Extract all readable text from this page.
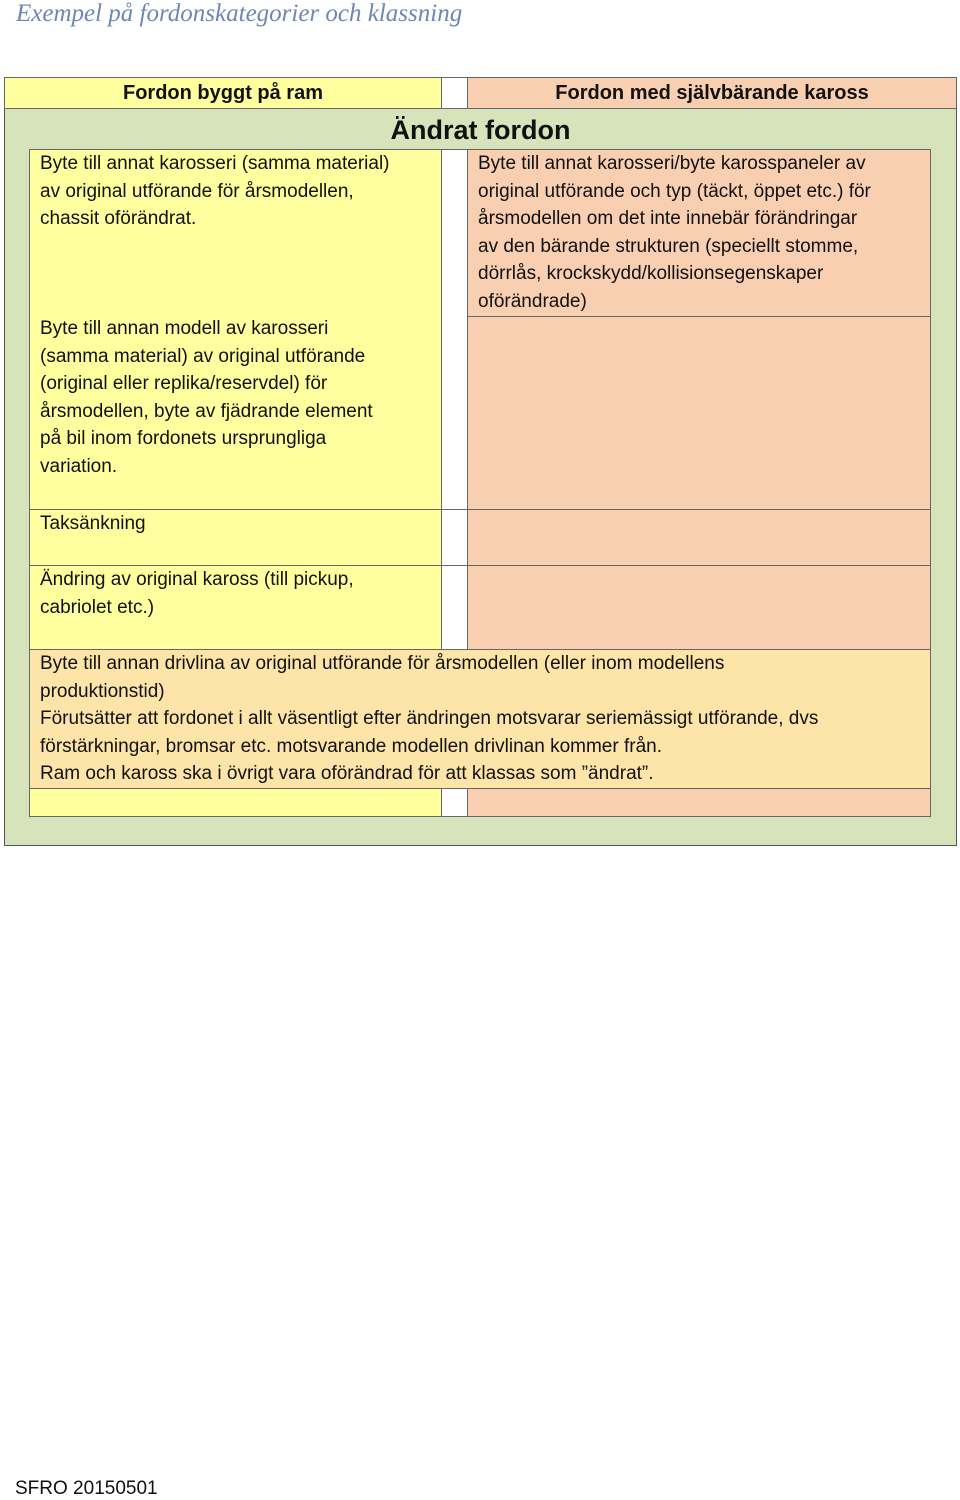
Exempel på fordonskategorier och klassning
Fordon byggt på ram	Fordon med självbärande kaross
Ändrat fordon
Byte till annat karosseri (samma material)
av original utförande för årsmodellen,
chassit oförändrat.

Byte till annan modell av karosseri
(samma material) av original utförande
(original eller replika/reservdel) för
årsmodellen, byte av fjädrande element
på bil inom fordonets ursprungliga
variation.
Byte till annat karosseri/byte karosspaneler av
original utförande och typ (täckt, öppet etc.) för
årsmodellen om det inte innebär förändringar
av den bärande strukturen (speciellt stomme,
dörrlås, krockskydd/kollisionsegenskaper
oförändrade)
Taksänkning
Ändring av original kaross (till pickup,
cabriolet etc.)
Byte till annan drivlina av original utförande för årsmodellen (eller inom modellens
produktionstid)
Förutsätter att fordonet i allt väsentligt efter ändringen motsvarar seriemässigt utförande, dvs
förstärkningar, bromsar etc. motsvarande modellen drivlinan kommer från.
Ram och kaross ska i övrigt vara oförändrad för att klassas som ”ändrat”.
SFRO 20150501
